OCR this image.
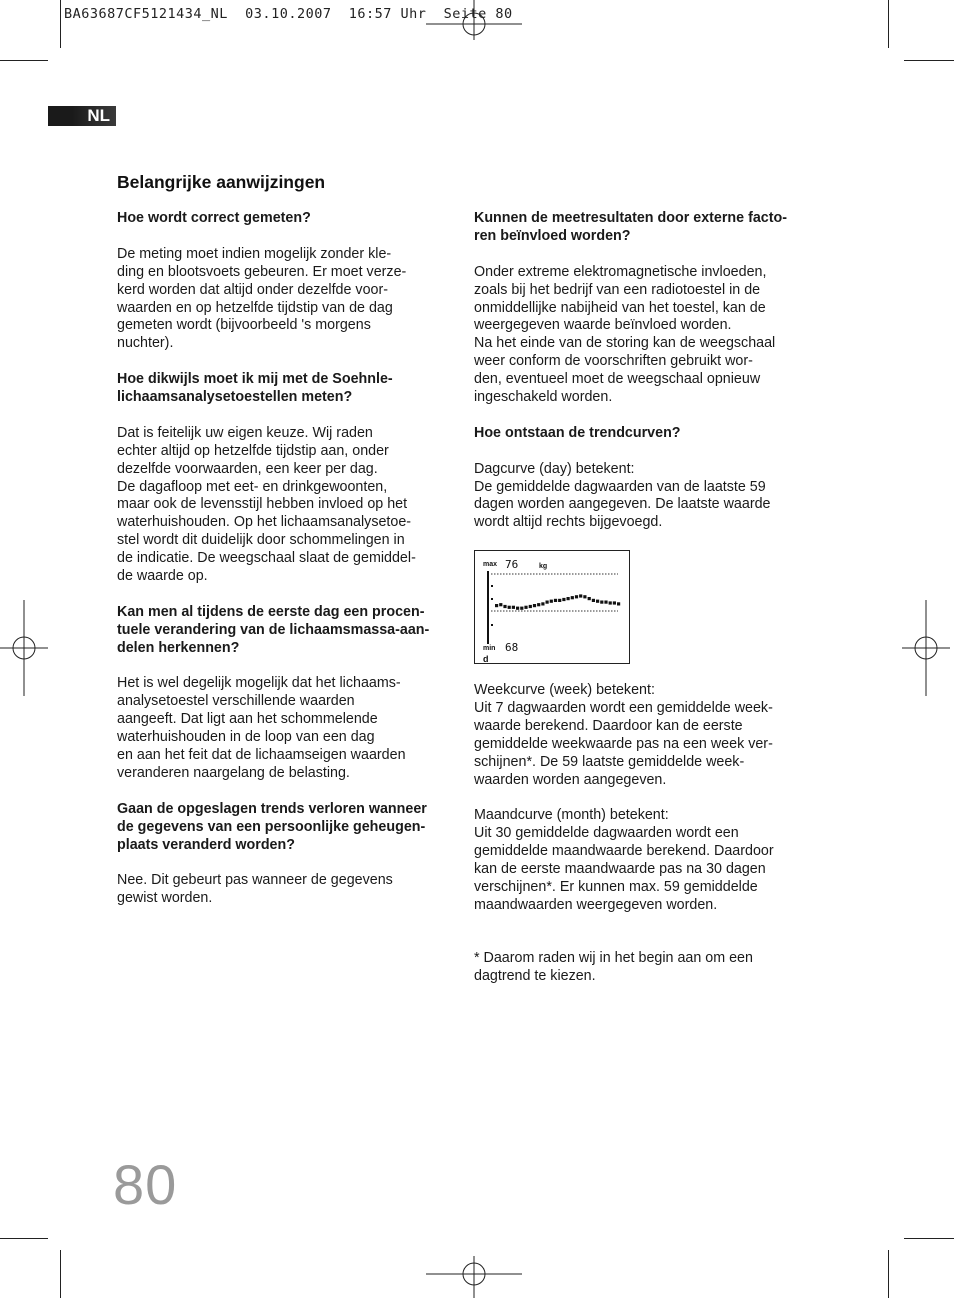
BA63687CF5121434_NL  03.10.2007  16:57 Uhr  Seite 80
NL
Belangrijke aanwijzingen

Hoe wordt correct gemeten?

De meting moet indien mogelijk zonder kle-
ding en blootsvoets gebeuren. Er moet verze-
kerd worden dat altijd onder dezelfde voor-
waarden en op hetzelfde tijdstip van de dag
gemeten wordt (bijvoorbeeld 's morgens
nuchter).

Hoe dikwijls moet ik mij met de Soehnle-
lichaamsanalysetoestellen meten?

Dat is feitelijk uw eigen keuze. Wij raden
echter altijd op hetzelfde tijdstip aan, onder
dezelfde voorwaarden, een keer per dag.
De dagafloop met eet- en drinkgewoonten,
maar ook de levensstijl hebben invloed op het
waterhuishouden. Op het lichaamsanalysetoe-
stel wordt dit duidelijk door schommelingen in
de indicatie. De weegschaal slaat de gemiddel-
de waarde op.

Kan men al tijdens de eerste dag een procen-
tuele verandering van de lichaamsmassa-aan-
delen herkennen?

Het is wel degelijk mogelijk dat het lichaams-
analysetoestel verschillende waarden
aangeeft. Dat ligt aan het schommelende
waterhuishouden in de loop van een dag
en aan het feit dat de lichaamseigen waarden
veranderen naargelang de belasting.

Gaan de opgeslagen trends verloren wanneer
de gegevens van een persoonlijke geheugen-
plaats veranderd worden?

Nee. Dit gebeurt pas wanneer de gegevens
gewist worden.

Kunnen de meetresultaten door externe facto-
ren beïnvloed worden?

Onder extreme elektromagnetische invloeden,
zoals bij het bedrijf van een radiotoestel in de
onmiddellijke nabijheid van het toestel, kan de
weergegeven waarde beïnvloed worden.
Na het einde van de storing kan de weegschaal
weer conform de voorschriften gebruikt wor-
den, eventueel moet de weegschaal opnieuw
ingeschakeld worden.

Hoe ontstaan de trendcurven?

Dagcurve (day) betekent:
De gemiddelde dagwaarden van de laatste 59
dagen worden aangegeven. De laatste waarde
wordt altijd rechts bijgevoegd.

max 76	kg
min 68
d

Weekcurve (week) betekent:
Uit 7 dagwaarden wordt een gemiddelde week-
waarde berekend. Daardoor kan de eerste
gemiddelde weekwaarde pas na een week ver-
schijnen*. De 59 laatste gemiddelde week-
waarden worden aangegeven.

Maandcurve (month) betekent:
Uit 30 gemiddelde dagwaarden wordt een
gemiddelde maandwaarde berekend. Daardoor
kan de eerste maandwaarde pas na 30 dagen
verschijnen*. Er kunnen max. 59 gemiddelde
maandwaarden weergegeven worden.

* Daarom raden wij in het begin aan om een
dagtrend te kiezen.

80
